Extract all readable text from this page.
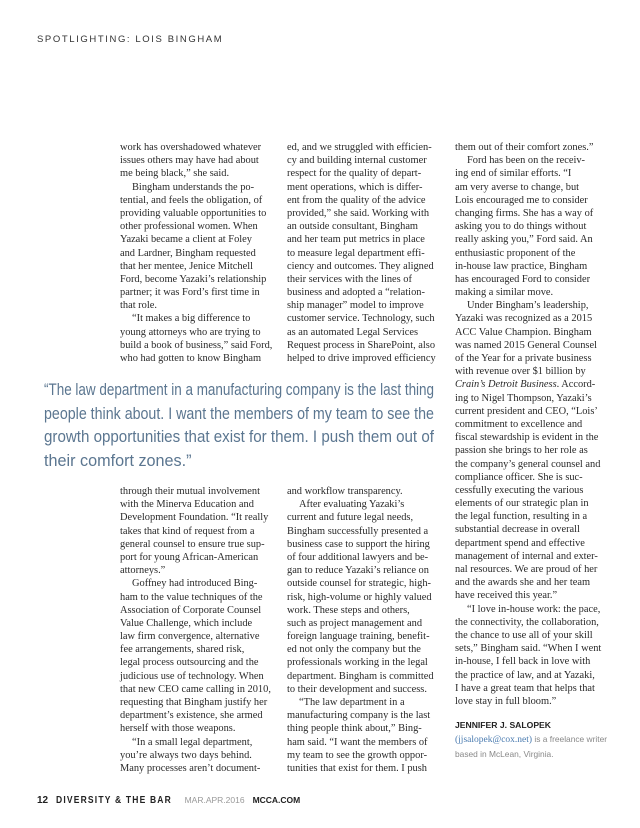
SPOTLIGHTING: LOIS BINGHAM
work has overshadowed whatever
issues others may have had about
me being black,” she said.
Bingham understands the po-
tential, and feels the obligation, of
providing valuable opportunities to
other professional women. When
Yazaki became a client at Foley
and Lardner, Bingham requested
that her mentee, Jenice Mitchell
Ford, become Yazaki’s relationship
partner; it was Ford’s first time in
that role.
“It makes a big difference to
young attorneys who are trying to
build a book of business,” said Ford,
who had gotten to know Bingham
ed, and we struggled with efficien-
cy and building internal customer
respect for the quality of depart-
ment operations, which is differ-
ent from the quality of the advice
provided,” she said. Working with
an outside consultant, Bingham
and her team put metrics in place
to measure legal department effi-
ciency and outcomes. They aligned
their services with the lines of
business and adopted a “relation-
ship manager” model to improve
customer service. Technology, such
as an automated Legal Services
Request process in SharePoint, also
helped to drive improved efficiency
them out of their comfort zones.”
Ford has been on the receiv-
ing end of similar efforts. “I
am very averse to change, but
Lois encouraged me to consider
changing firms. She has a way of
asking you to do things without
really asking you,” Ford said. An
enthusiastic proponent of the
in-house law practice, Bingham
has encouraged Ford to consider
making a similar move.
Under Bingham’s leadership,
Yazaki was recognized as a 2015
ACC Value Champion. Bingham
was named 2015 General Counsel
of the Year for a private business
with revenue over $1 billion by
Crain’s Detroit Business. Accord-
ing to Nigel Thompson, Yazaki’s
current president and CEO, “Lois’
commitment to excellence and
fiscal stewardship is evident in the
passion she brings to her role as
the company’s general counsel and
compliance officer. She is suc-
cessfully executing the various
elements of our strategic plan in
the legal function, resulting in a
substantial decrease in overall
department spend and effective
management of internal and exter-
nal resources. We are proud of her
and the awards she and her team
have received this year.”
“I love in-house work: the pace,
the connectivity, the collaboration,
the chance to use all of your skill
sets,” Bingham said. “When I went
in-house, I fell back in love with
the practice of law, and at Yazaki,
I have a great team that helps that
love stay in full bloom.”
“The law department in a manufacturing company is the last thing
people think about. I want the members of my team to see the
growth opportunities that exist for them. I push them out of
their comfort zones.”
through their mutual involvement
with the Minerva Education and
Development Foundation. “It really
takes that kind of request from a
general counsel to ensure true sup-
port for young African-American
attorneys.”
Goffney had introduced Bing-
ham to the value techniques of the
Association of Corporate Counsel
Value Challenge, which include
law firm convergence, alternative
fee arrangements, shared risk,
legal process outsourcing and the
judicious use of technology. When
that new CEO came calling in 2010,
requesting that Bingham justify her
department’s existence, she armed
herself with those weapons.
“In a small legal department,
you’re always two days behind.
Many processes aren’t document-
and workflow transparency.
After evaluating Yazaki’s
current and future legal needs,
Bingham successfully presented a
business case to support the hiring
of four additional lawyers and be-
gan to reduce Yazaki’s reliance on
outside counsel for strategic, high-
risk, high-volume or highly valued
work. These steps and others,
such as project management and
foreign language training, benefit-
ed not only the company but the
professionals working in the legal
department. Bingham is committed
to their development and success.
“The law department in a
manufacturing company is the last
thing people think about,” Bing-
ham said. “I want the members of
my team to see the growth oppor-
tunities that exist for them. I push
JENNIFER J. SALOPEK (jjsalopek@cox.net) is a freelance writer based in McLean, Virginia.
12 DIVERSITY & THE BAR MAR.APR.2016 MCCA.COM
